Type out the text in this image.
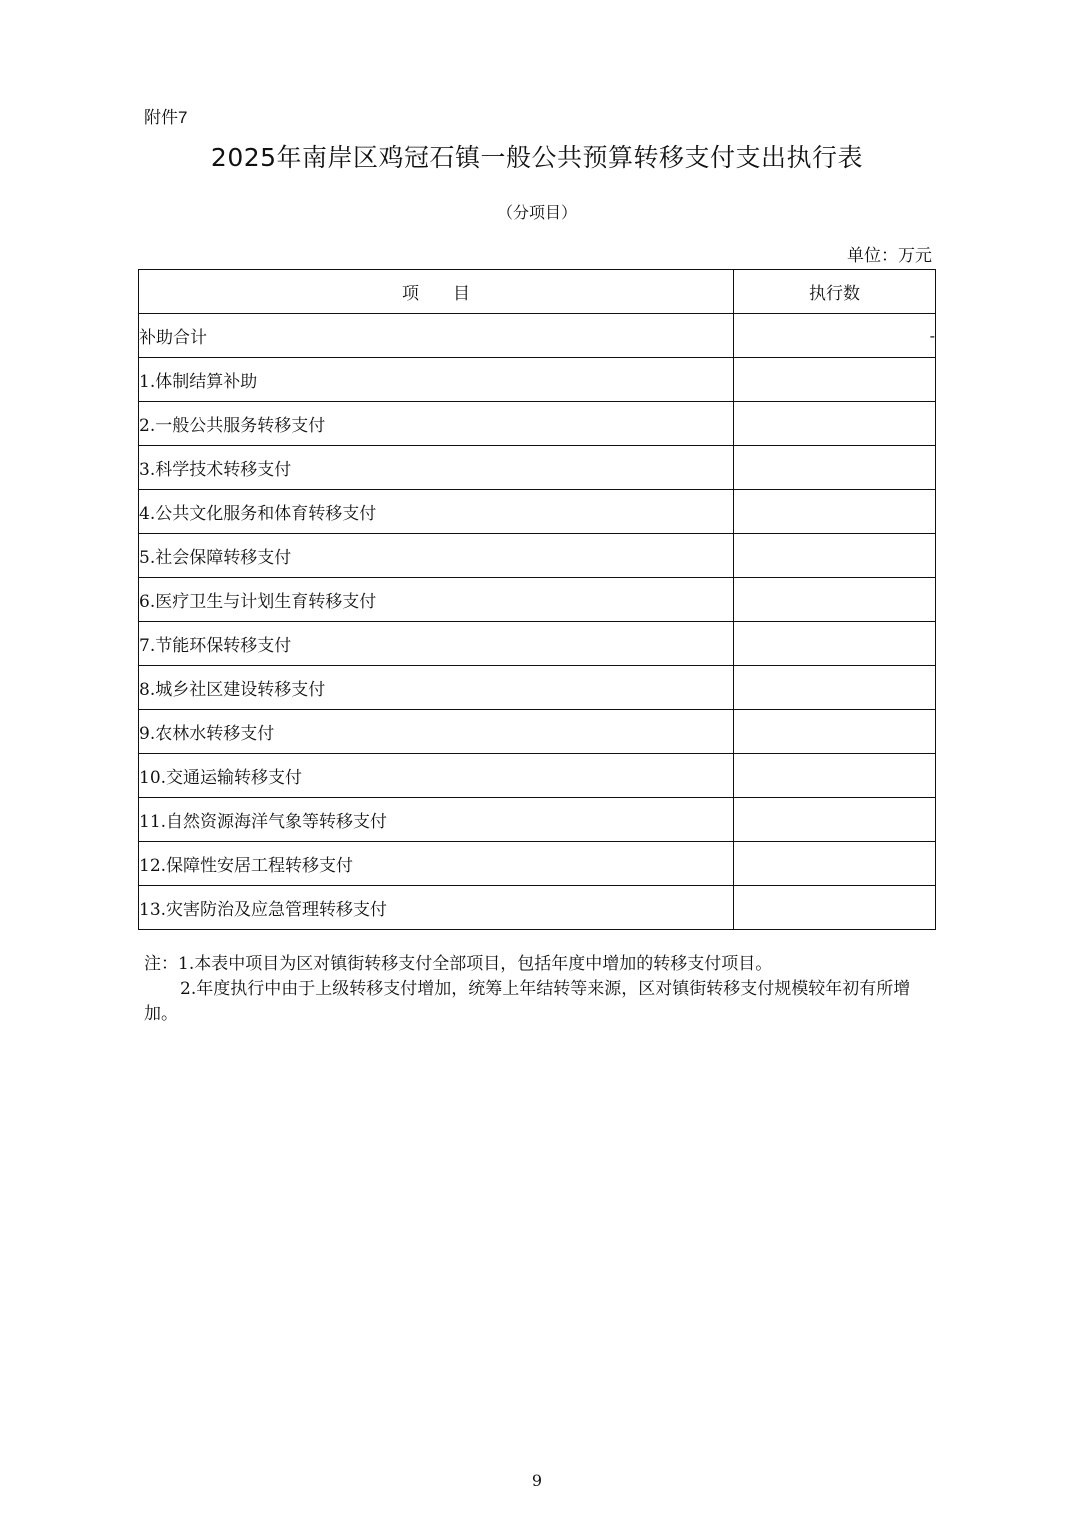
附件7
2025年南岸区鸡冠石镇一般公共预算转移支付支出执行表
（分项目）
单位：万元
项　　目	执行数
补助合计	-
1.体制结算补助	
2.一般公共服务转移支付	
3.科学技术转移支付	
4.公共文化服务和体育转移支付	
5.社会保障转移支付	
6.医疗卫生与计划生育转移支付	
7.节能环保转移支付	
8.城乡社区建设转移支付	
9.农林水转移支付	
10.交通运输转移支付	
11.自然资源海洋气象等转移支付	
12.保障性安居工程转移支付	
13.灾害防治及应急管理转移支付	

注：1.本表中项目为区对镇街转移支付全部项目，包括年度中增加的转移支付项目。

2.年度执行中由于上级转移支付增加，统筹上年结转等来源，区对镇街转移支付规模较年初有所增加。

9
